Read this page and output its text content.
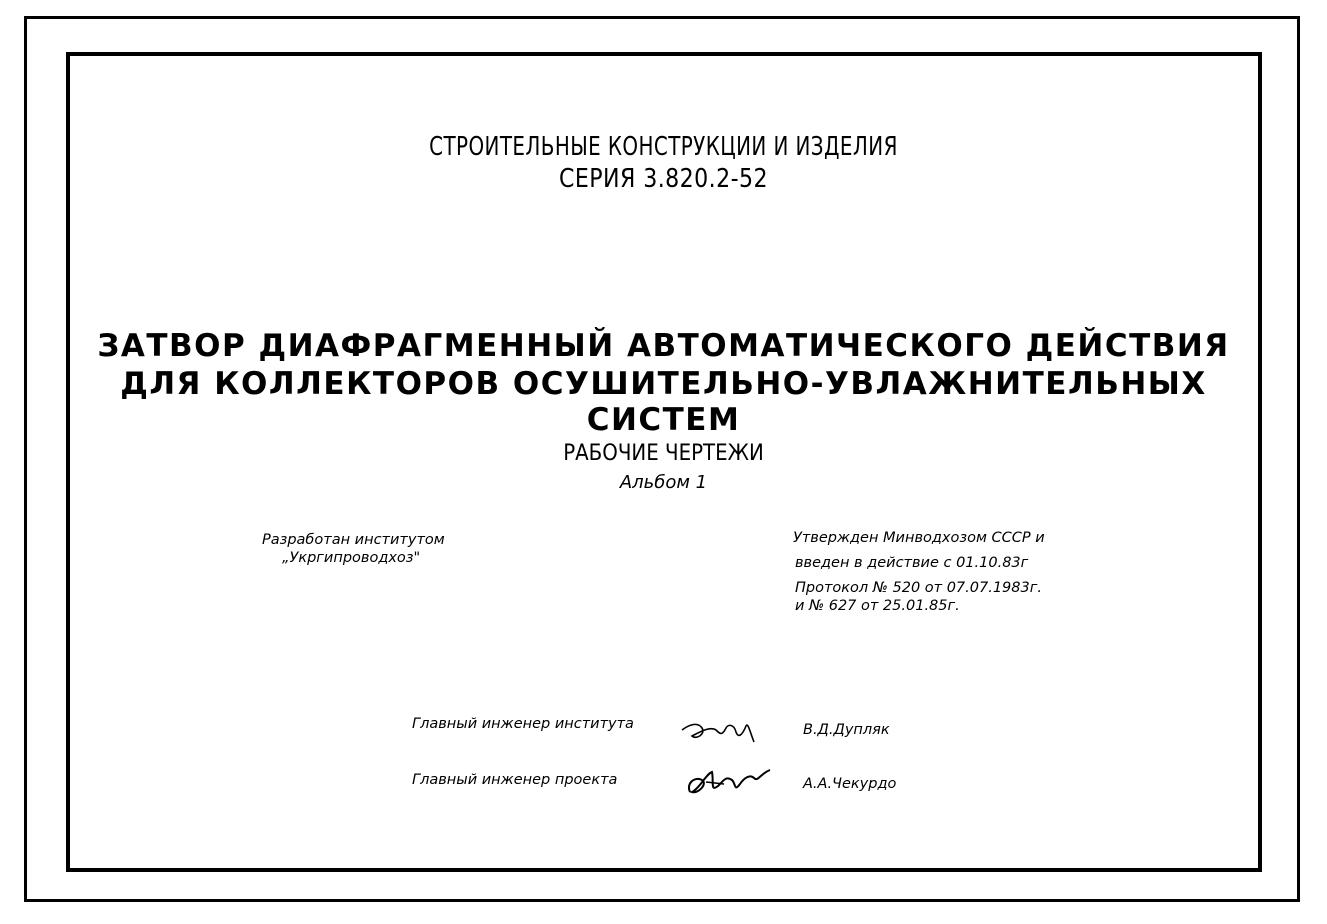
СТРОИТЕЛЬНЫЕ КОНСТРУКЦИИ И ИЗДЕЛИЯ
СЕРИЯ 3.820.2-52
ЗАТВОР ДИАФРАГМЕННЫЙ АВТОМАТИЧЕСКОГО ДЕЙСТВИЯ
ДЛЯ КОЛЛЕКТОРОВ ОСУШИТЕЛЬНО-УВЛАЖНИТЕЛЬНЫХ
СИСТЕМ
РАБОЧИЕ ЧЕРТЕЖИ
Альбом 1
Разработан институтом
„Укргипроводхоз"
Утвержден Минводхозом СССР и
введен в действие с 01.10.83г
Протокол № 520 от 07.07.1983г.
и № 627 от 25.01.85г.
Главный инженер института	В.Д.Дупляк
Главный инженер проекта	А.А.Чекурдо
